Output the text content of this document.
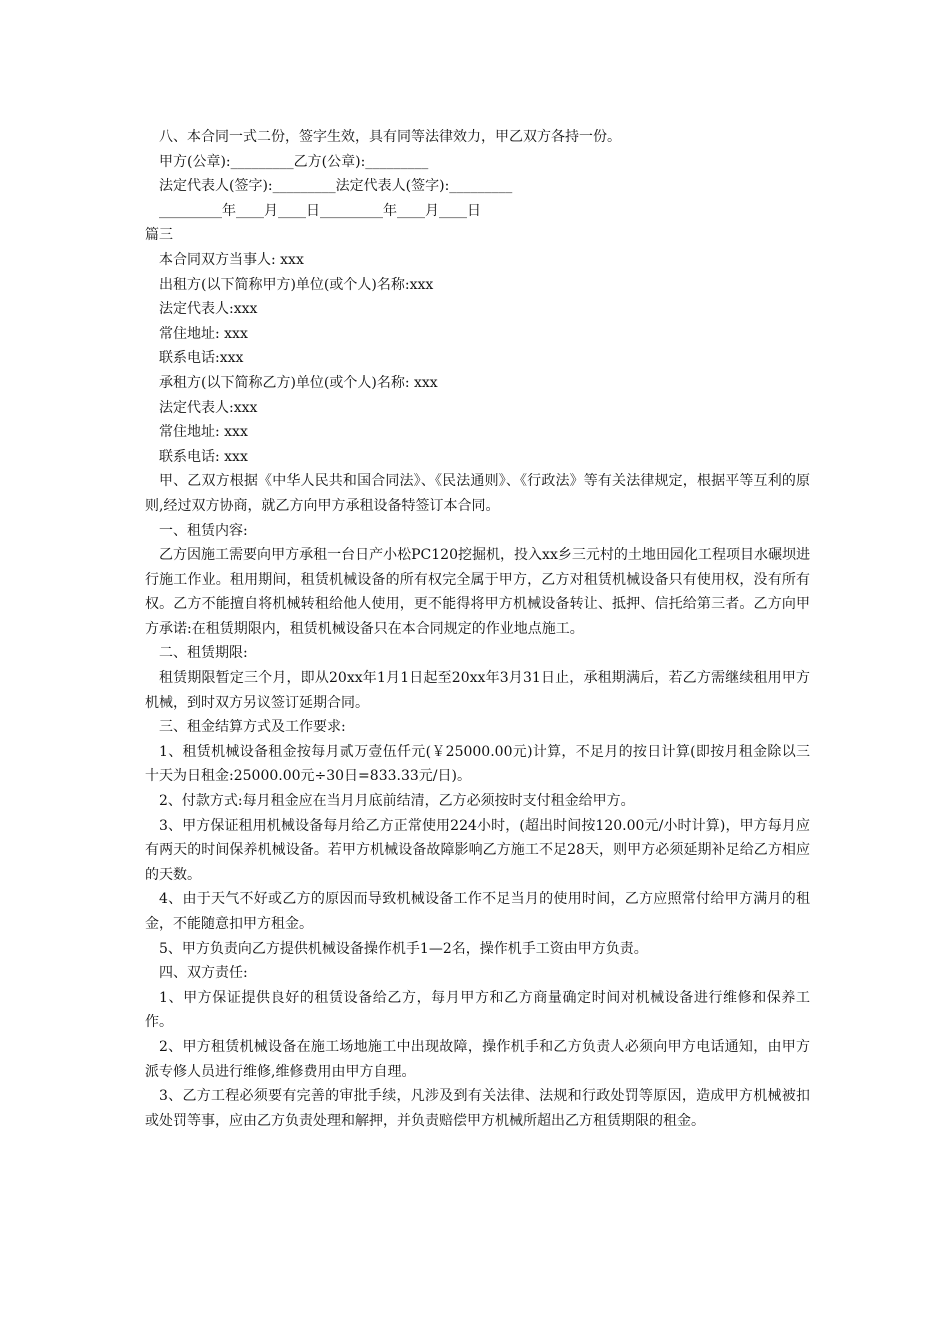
八、本合同一式二份，签字生效，具有同等法律效力，甲乙双方各持一份。

甲方(公章):_________乙方(公章):_________

法定代表人(签字):_________法定代表人(签字):_________

_________年____月____日_________年____月____日

篇三

本合同双方当事人: xxx

出租方(以下简称甲方)单位(或个人)名称:xxx

法定代表人:xxx

常住地址: xxx

联系电话:xxx

承租方(以下简称乙方)单位(或个人)名称: xxx

法定代表人:xxx

常住地址: xxx

联系电话: xxx

甲、乙双方根据《中华人民共和国合同法》、《民法通则》、《行政法》等有关法律规定，根据平等互利的原则,经过双方协商，就乙方向甲方承租设备特签订本合同。

一、租赁内容:

乙方因施工需要向甲方承租一台日产小松PC120挖掘机，投入xx乡三元村的土地田园化工程项目水碾坝进行施工作业。租用期间，租赁机械设备的所有权完全属于甲方，乙方对租赁机械设备只有使用权，没有所有权。乙方不能擅自将机械转租给他人使用，更不能得将甲方机械设备转让、抵押、信托给第三者。乙方向甲方承诺:在租赁期限内，租赁机械设备只在本合同规定的作业地点施工。

二、租赁期限:

租赁期限暂定三个月，即从20xx年1月1日起至20xx年3月31日止，承租期满后，若乙方需继续租用甲方机械，到时双方另议签订延期合同。

三、租金结算方式及工作要求:

1、租赁机械设备租金按每月贰万壹伍仟元(￥25000.00元)计算，不足月的按日计算(即按月租金除以三十天为日租金:25000.00元÷30日=833.33元/日)。

2、付款方式:每月租金应在当月月底前结清，乙方必须按时支付租金给甲方。

3、甲方保证租用机械设备每月给乙方正常使用224小时，(超出时间按120.00元/小时计算)，甲方每月应有两天的时间保养机械设备。若甲方机械设备故障影响乙方施工不足28天，则甲方必须延期补足给乙方相应的天数。

4、由于天气不好或乙方的原因而导致机械设备工作不足当月的使用时间，乙方应照常付给甲方满月的租金，不能随意扣甲方租金。

5、甲方负责向乙方提供机械设备操作机手1—2名，操作机手工资由甲方负责。

四、双方责任:

1、甲方保证提供良好的租赁设备给乙方，每月甲方和乙方商量确定时间对机械设备进行维修和保养工作。

2、甲方租赁机械设备在施工场地施工中出现故障，操作机手和乙方负责人必须向甲方电话通知，由甲方派专修人员进行维修,维修费用由甲方自理。

3、乙方工程必须要有完善的审批手续，凡涉及到有关法律、法规和行政处罚等原因，造成甲方机械被扣或处罚等事，应由乙方负责处理和解押，并负责赔偿甲方机械所超出乙方租赁期限的租金。
